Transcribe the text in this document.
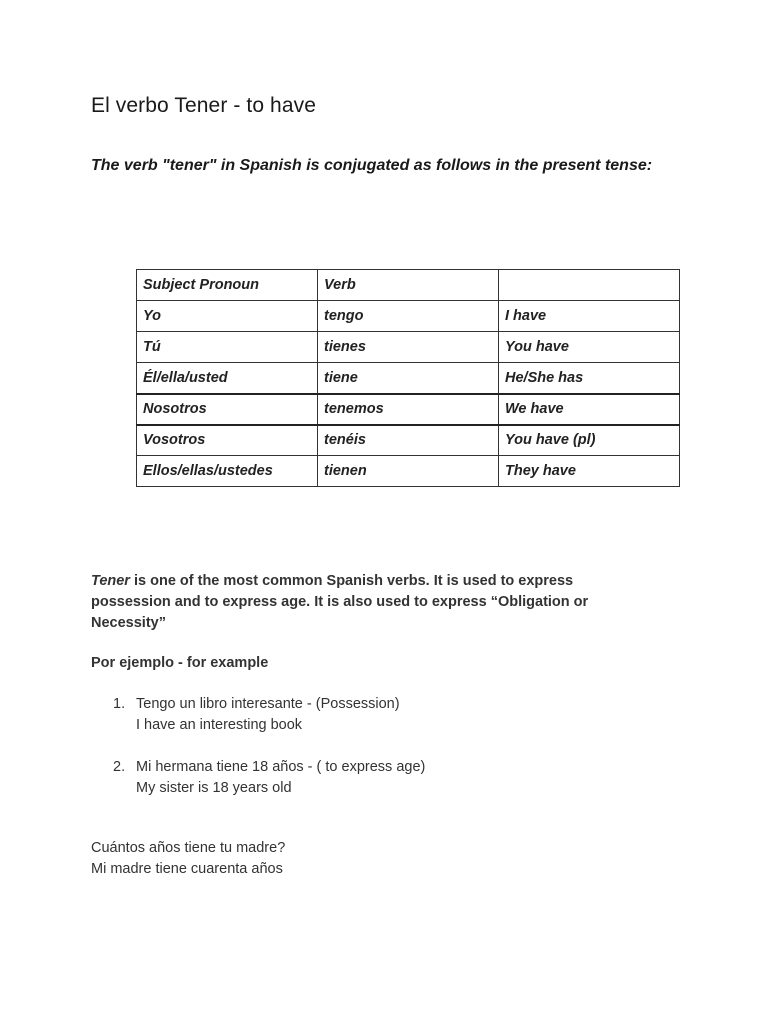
El verbo Tener - to have

The verb "tener" in Spanish is conjugated as follows in the present tense:

Subject Pronoun	Verb	
Yo	tengo	I have
Tú	tienes	You have
Él/ella/usted	tiene	He/She has
Nosotros	tenemos	We have
Vosotros	tenéis	You have (pl)
Ellos/ellas/ustedes	tienen	They have

Tener is one of the most common Spanish verbs. It is used to express possession and to express age. It is also used to express “Obligation or Necessity”

Por ejemplo - for example

1. Tengo un libro interesante - (Possession)
I have an interesting book
2. Mi hermana tiene 18 años - ( to express age)
My sister is 18 years old

Cuántos años tiene tu madre?
Mi madre tiene cuarenta años
